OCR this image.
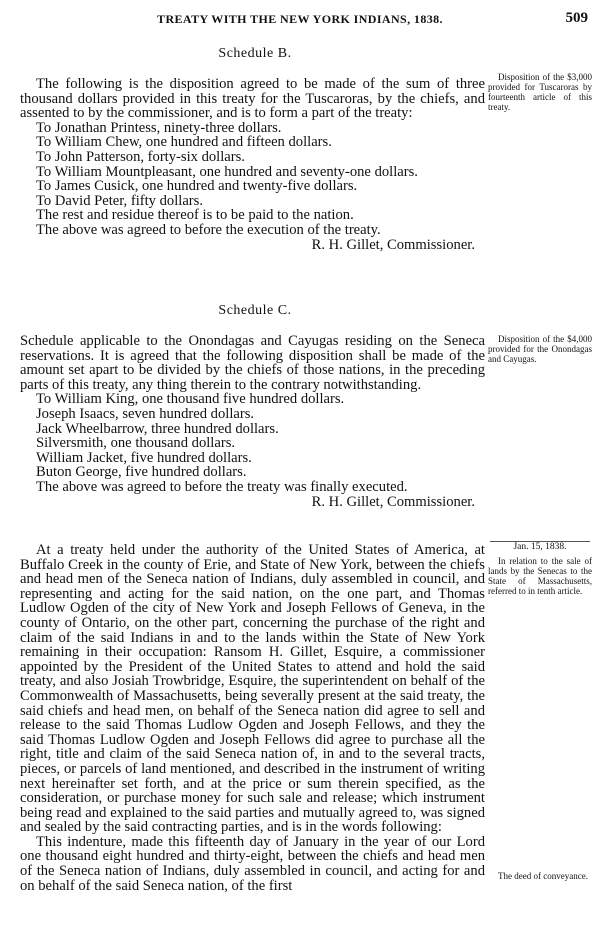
TREATY WITH THE NEW YORK INDIANS, 1838.	509
Schedule B.

The following is the disposition agreed to be made of the sum of three thousand dollars provided in this treaty for the Tuscaroras, by the chiefs, and assented to by the commissioner, and is to form a part of the treaty:

To Jonathan Printess, ninety-three dollars.
To William Chew, one hundred and fifteen dollars.
To John Patterson, forty-six dollars.
To William Mountpleasant, one hundred and seventy-one dollars.
To James Cusick, one hundred and twenty-five dollars.
To David Peter, fifty dollars.
The rest and residue thereof is to be paid to the nation.
The above was agreed to before the execution of the treaty.
R. H. Gillet, Commissioner.
Disposition of the $3,000 provided for Tuscaroras by fourteenth article of this treaty.
Schedule C.

Schedule applicable to the Onondagas and Cayugas residing on the Seneca reservations. It is agreed that the following disposition shall be made of the amount set apart to be divided by the chiefs of those nations, in the preceding parts of this treaty, any thing therein to the contrary notwithstanding.

To William King, one thousand five hundred dollars.
Joseph Isaacs, seven hundred dollars.
Jack Wheelbarrow, three hundred dollars.
Silversmith, one thousand dollars.
William Jacket, five hundred dollars.
Buton George, five hundred dollars.
The above was agreed to before the treaty was finally executed.
R. H. Gillet, Commissioner.
Disposition of the $4,000 provided for the Onondagas and Cayugas.
Jan. 15, 1838.
In relation to the sale of lands by the Senecas to the State of Massachusetts, referred to in tenth article.

At a treaty held under the authority of the United States of America, at Buffalo Creek in the county of Erie, and State of New York, between the chiefs and head men of the Seneca nation of Indians, duly assembled in council, and representing and acting for the said nation, on the one part, and Thomas Ludlow Ogden of the city of New York and Joseph Fellows of Geneva, in the county of Ontario, on the other part, concerning the purchase of the right and claim of the said Indians in and to the lands within the State of New York remaining in their occupation: Ransom H. Gillet, Esquire, a commissioner appointed by the President of the United States to attend and hold the said treaty, and also Josiah Trowbridge, Esquire, the superintendent on behalf of the Commonwealth of Massachusetts, being severally present at the said treaty, the said chiefs and head men, on behalf of the Seneca nation did agree to sell and release to the said Thomas Ludlow Ogden and Joseph Fellows, and they the said Thomas Ludlow Ogden and Joseph Fellows did agree to purchase all the right, title and claim of the said Seneca nation of, in and to the several tracts, pieces, or parcels of land mentioned, and described in the instrument of writing next hereinafter set forth, and at the price or sum therein specified, as the consideration, or purchase money for such sale and release; which instrument being read and explained to the said parties and mutually agreed to, was signed and sealed by the said contracting parties, and is in the words following:

This indenture, made this fifteenth day of January in the year of our Lord one thousand eight hundred and thirty-eight, between the chiefs and head men of the Seneca nation of Indians, duly assembled in council, and acting for and on behalf of the said Seneca nation, of the first

The deed of conveyance.
